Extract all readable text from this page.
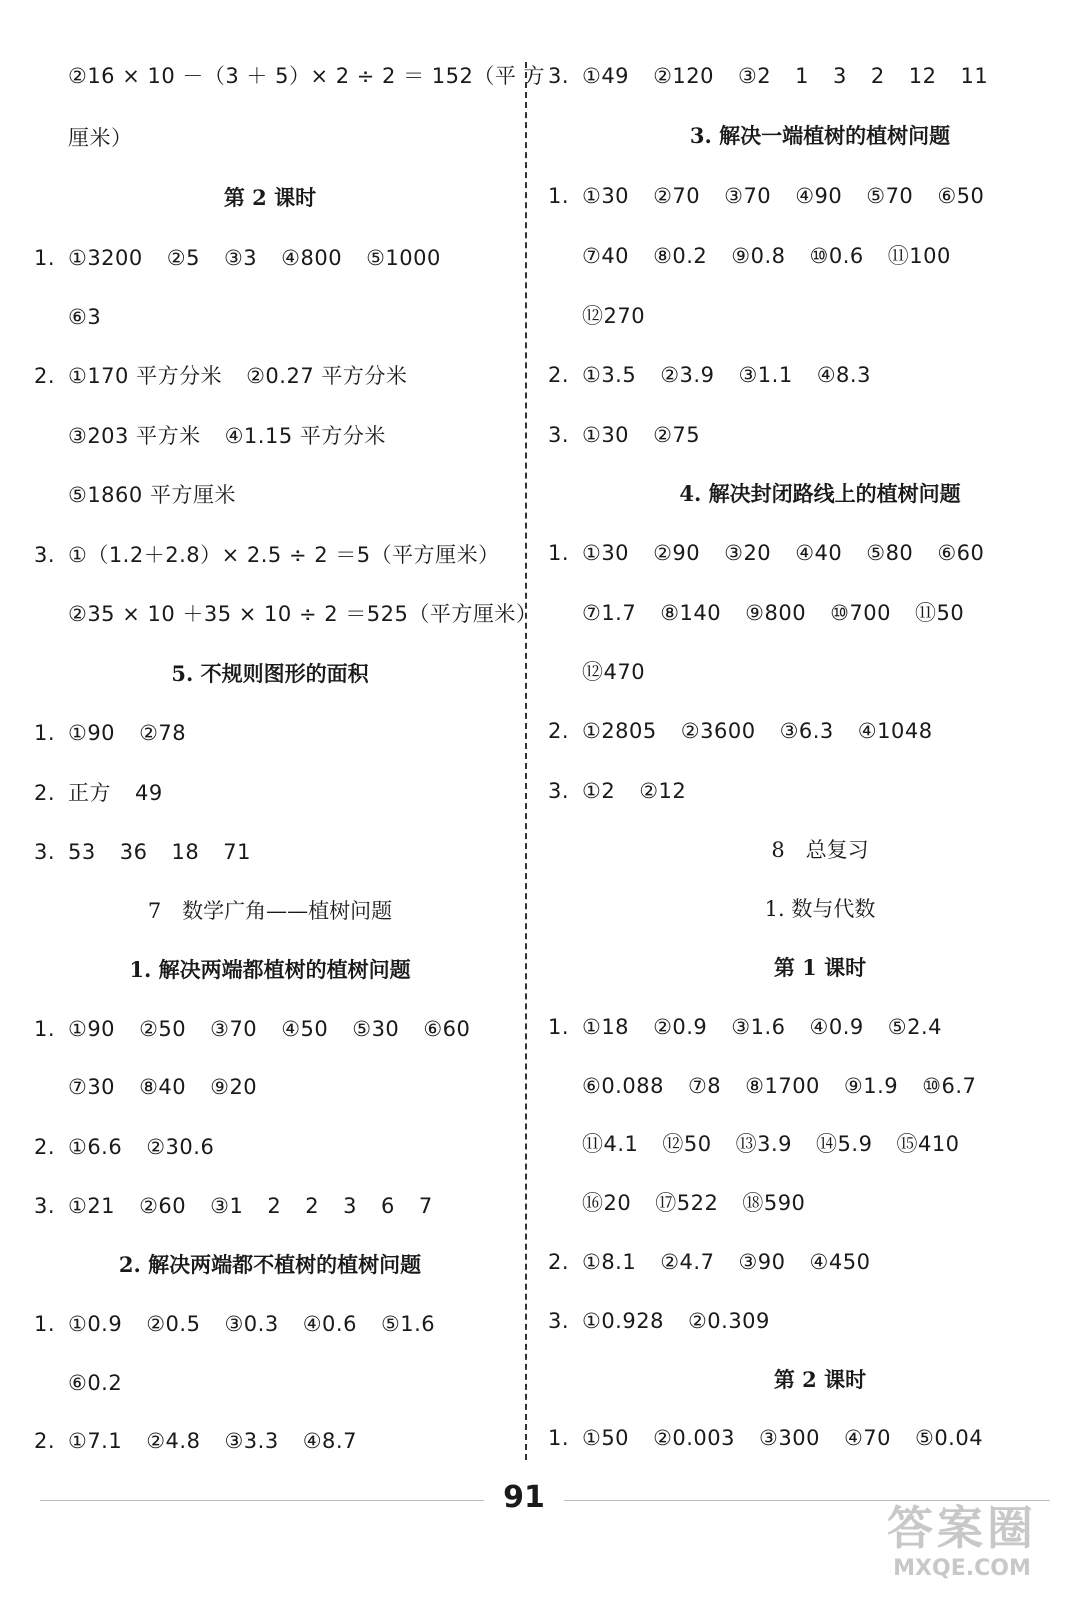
②16 × 10 －（3 ＋ 5）× 2 ÷ 2 ＝ 152（平 方
厘米）
第 2 课时
1. ①3200 ②5 ③3 ④800 ⑤1000
⑥3
2. ①170 平方分米 ②0.27 平方分米
③203 平方米 ④1.15 平方分米
⑤1860 平方厘米
3. ①（1.2＋2.8）× 2.5 ÷ 2 ＝5（平方厘米）
②35 × 10 ＋35 × 10 ÷ 2 ＝525（平方厘米）
5. 不规则图形的面积
1. ①90 ②78
2. 正方 49
3. 53 36 18 71
7　数学广角——植树问题
1. 解决两端都植树的植树问题
1. ①90 ②50 ③70 ④50 ⑤30 ⑥60
⑦30 ⑧40 ⑨20
2. ①6.6 ②30.6
3. ①21 ②60 ③1 2 2 3 6 7
2. 解决两端都不植树的植树问题
1. ①0.9 ②0.5 ③0.3 ④0.6 ⑤1.6
⑥0.2
2. ①7.1 ②4.8 ③3.3 ④8.7
3. ①49 ②120 ③2 1 3 2 12 11
3. 解决一端植树的植树问题
1. ①30 ②70 ③70 ④90 ⑤70 ⑥50
⑦40 ⑧0.2 ⑨0.8 ⑩0.6 ⑪100
⑫270
2. ①3.5 ②3.9 ③1.1 ④8.3
3. ①30 ②75
4. 解决封闭路线上的植树问题
1. ①30 ②90 ③20 ④40 ⑤80 ⑥60
⑦1.7 ⑧140 ⑨800 ⑩700 ⑪50
⑫470
2. ①2805 ②3600 ③6.3 ④1048
3. ①2 ②12
8　总复习
1. 数与代数
第 1 课时
1. ①18 ②0.9 ③1.6 ④0.9 ⑤2.4
⑥0.088 ⑦8 ⑧1700 ⑨1.9 ⑩6.7
⑪4.1 ⑫50 ⑬3.9 ⑭5.9 ⑮410
⑯20 ⑰522 ⑱590
2. ①8.1 ②4.7 ③90 ④450
3. ①0.928 ②0.309
第 2 课时
1. ①50 ②0.003 ③300 ④70 ⑤0.04
91
答案圈
MXQE.COM
